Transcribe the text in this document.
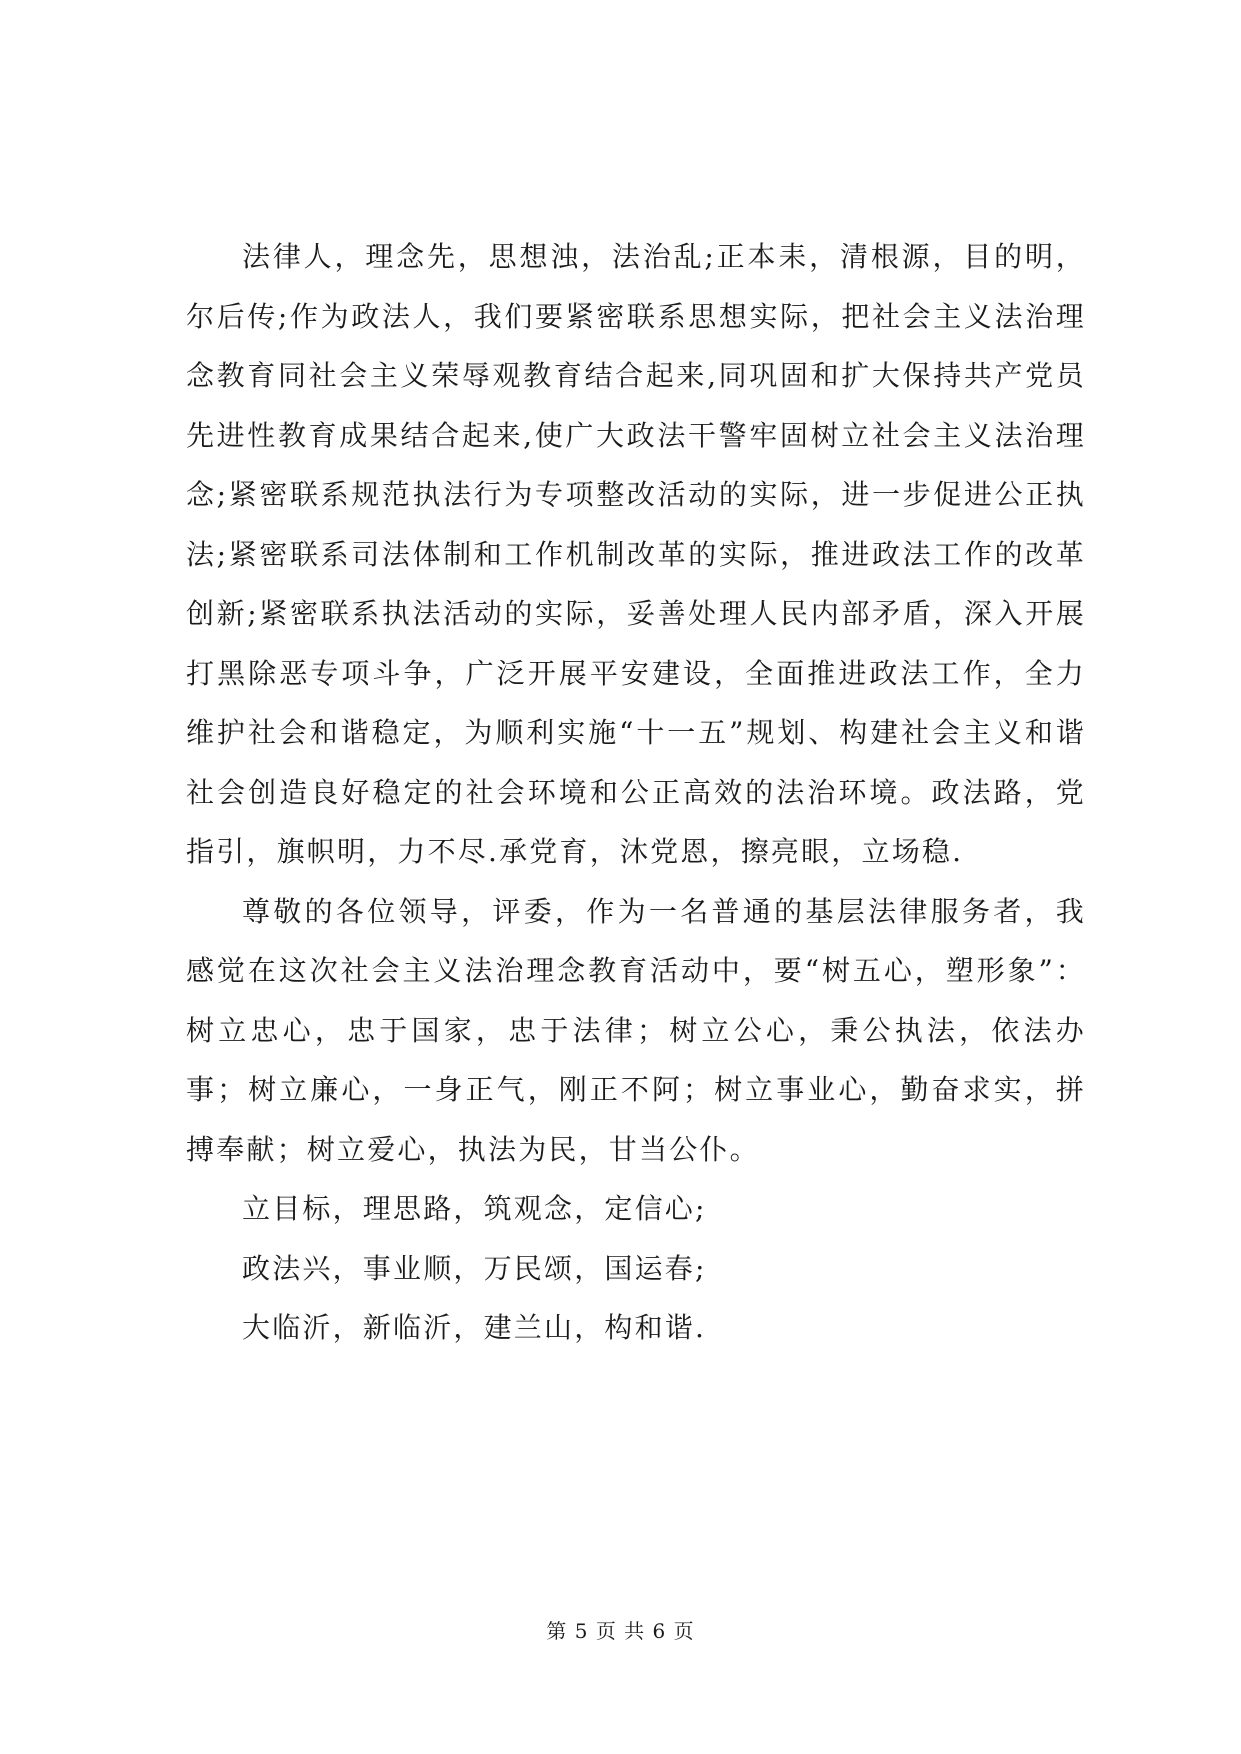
法律人，理念先，思想浊，法治乱;正本耒，清根源，目的明，尔后传;作为政法人，我们要紧密联系思想实际，把社会主义法治理念教育同社会主义荣辱观教育结合起来,同巩固和扩大保持共产党员先进性教育成果结合起来,使广大政法干警牢固树立社会主义法治理念;紧密联系规范执法行为专项整改活动的实际，进一步促进公正执法;紧密联系司法体制和工作机制改革的实际，推进政法工作的改革创新;紧密联系执法活动的实际，妥善处理人民内部矛盾，深入开展打黑除恶专项斗争，广泛开展平安建设，全面推进政法工作，全力维护社会和谐稳定，为顺利实施“十一五”规划、构建社会主义和谐社会创造良好稳定的社会环境和公正高效的法治环境。政法路，党指引，旗帜明，力不尽.承党育，沐党恩，擦亮眼，立场稳.

尊敬的各位领导，评委，作为一名普通的基层法律服务者，我感觉在这次社会主义法治理念教育活动中，要“树五心，塑形象”：树立忠心，忠于国家，忠于法律；树立公心，秉公执法，依法办事；树立廉心，一身正气，刚正不阿；树立事业心，勤奋求实，拼搏奉献；树立爱心，执法为民，甘当公仆。

立目标，理思路，筑观念，定信心;

政法兴，事业顺，万民颂，国运春;

大临沂，新临沂，建兰山，构和谐.

第 5 页 共 6 页
